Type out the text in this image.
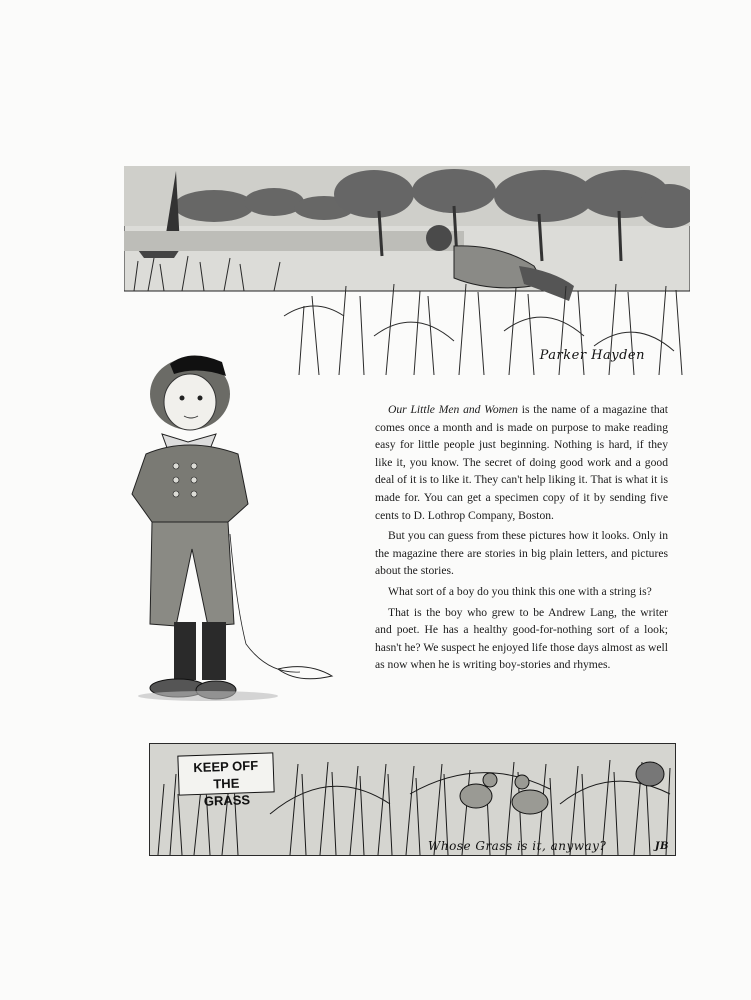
Parker Hayden

Our Little Men and Women is the name of a magazine that comes once a month and is made on purpose to make reading easy for little people just beginning. Nothing is hard, if they like it, you know. The secret of doing good work and a good deal of it is to like it. They can't help liking it. That is what it is made for. You can get a specimen copy of it by sending five cents to D. Lothrop Company, Boston.

But you can guess from these pictures how it looks. Only in the magazine there are stories in big plain letters, and pictures about the stories.

What sort of a boy do you think this one with a string is?

That is the boy who grew to be Andrew Lang, the writer and poet. He has a healthy good-for-nothing sort of a look; hasn't he? We suspect he enjoyed life those days almost as well as now when he is writing boy-stories and rhymes.

KEEP OFF THE
GRASS
Whose Grass is it, anyway?	JB
